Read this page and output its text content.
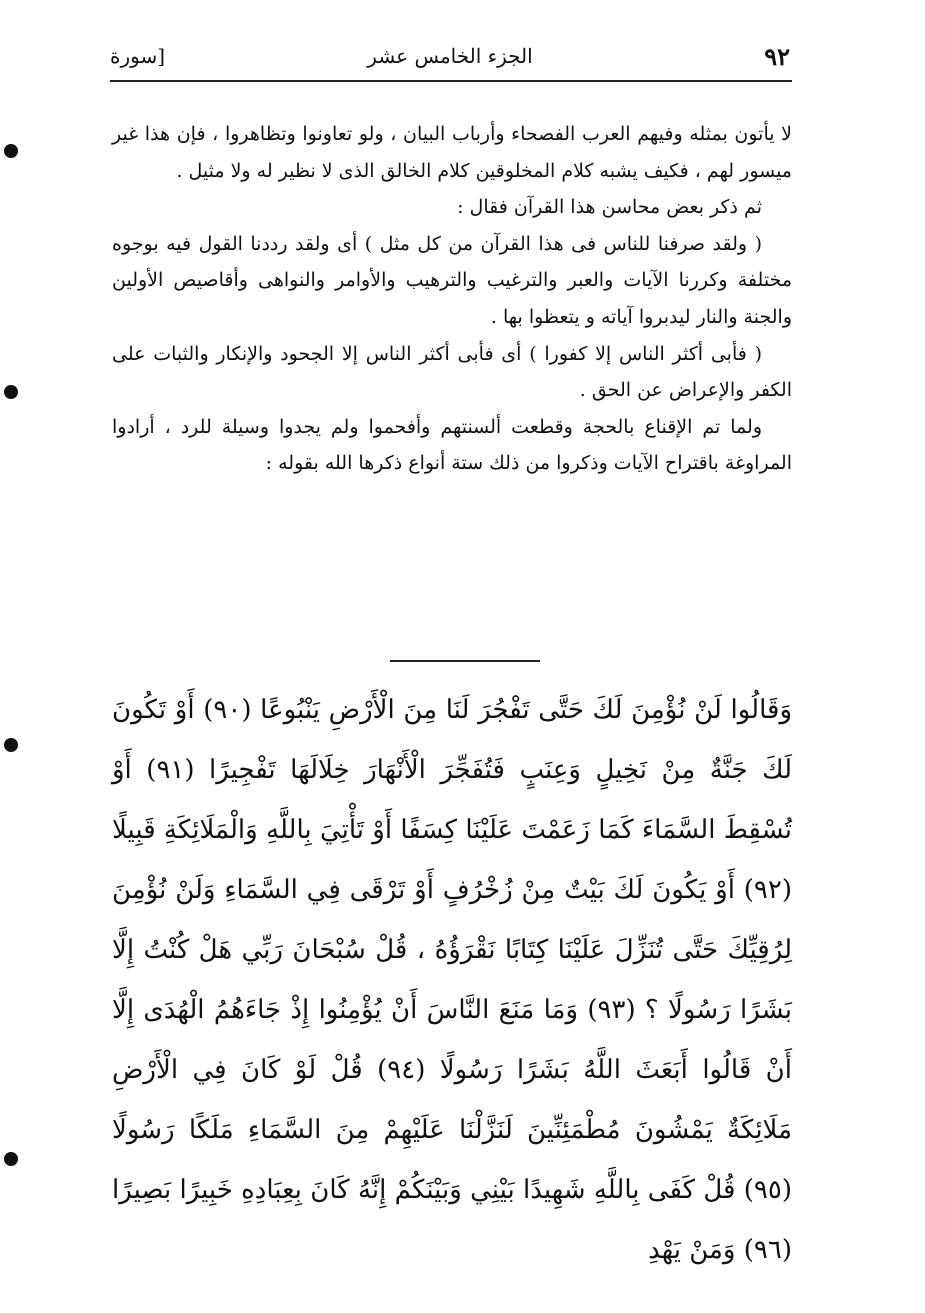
٩٢
الجزء الخامس عشر
[سورة

لا يأتون بمثله وفيهم العرب الفصحاء وأرباب البيان ، ولو تعاونوا وتظاهروا ، فإن هذا غير ميسور لهم ، فكيف يشبه كلام المخلوقين كلام الخالق الذى لا نظير له ولا مثيل .

ثم ذكر بعض محاسن هذا القرآن فقال :

( ولقد صرفنا للناس فى هذا القرآن من كل مثل ) أى ولقد رددنا القول فيه بوجوه مختلفة وكررنا الآيات والعبر والترغيب والترهيب والأوامر والنواهى وأقاصيص الأولين والجنة والنار ليدبروا آياته و يتعظوا بها .

( فأبى أكثر الناس إلا كفورا ) أى فأبى أكثر الناس إلا الجحود والإنكار والثبات على الكفر والإعراض عن الحق .

ولما تم الإقناع بالحجة وقطعت ألسنتهم وأفحموا ولم يجدوا وسيلة للرد ، أرادوا المراوغة باقتراح الآيات وذكروا من ذلك ستة أنواع ذكرها الله بقوله :

وَقَالُوا لَنْ نُؤْمِنَ لَكَ حَتَّى تَفْجُرَ لَنَا مِنَ الْأَرْضِ يَنْبُوعًا (٩٠) أَوْ تَكُونَ لَكَ جَنَّةٌ مِنْ نَخِيلٍ وَعِنَبٍ فَتُفَجِّرَ الْأَنْهَارَ خِلَالَهَا تَفْجِيرًا (٩١) أَوْ تُسْقِطَ السَّمَاءَ كَمَا زَعَمْتَ عَلَيْنَا كِسَفًا أَوْ تَأْتِيَ بِاللَّهِ وَالْمَلَائِكَةِ قَبِيلًا (٩٢) أَوْ يَكُونَ لَكَ بَيْتٌ مِنْ زُخْرُفٍ أَوْ تَرْقَى فِي السَّمَاءِ وَلَنْ نُؤْمِنَ لِرُقِيِّكَ حَتَّى تُنَزِّلَ عَلَيْنَا كِتَابًا نَقْرَؤُهُ ، قُلْ سُبْحَانَ رَبِّي هَلْ كُنْتُ إِلَّا بَشَرًا رَسُولًا ؟ (٩٣) وَمَا مَنَعَ النَّاسَ أَنْ يُؤْمِنُوا إِذْ جَاءَهُمُ الْهُدَى إِلَّا أَنْ قَالُوا أَبَعَثَ اللَّهُ بَشَرًا رَسُولًا (٩٤) قُلْ لَوْ كَانَ فِي الْأَرْضِ مَلَائِكَةٌ يَمْشُونَ مُطْمَئِنِّينَ لَنَزَّلْنَا عَلَيْهِمْ مِنَ السَّمَاءِ مَلَكًا رَسُولًا (٩٥) قُلْ كَفَى بِاللَّهِ شَهِيدًا بَيْنِي وَبَيْنَكُمْ إِنَّهُ كَانَ بِعِبَادِهِ خَبِيرًا بَصِيرًا (٩٦) وَمَنْ يَهْدِ
